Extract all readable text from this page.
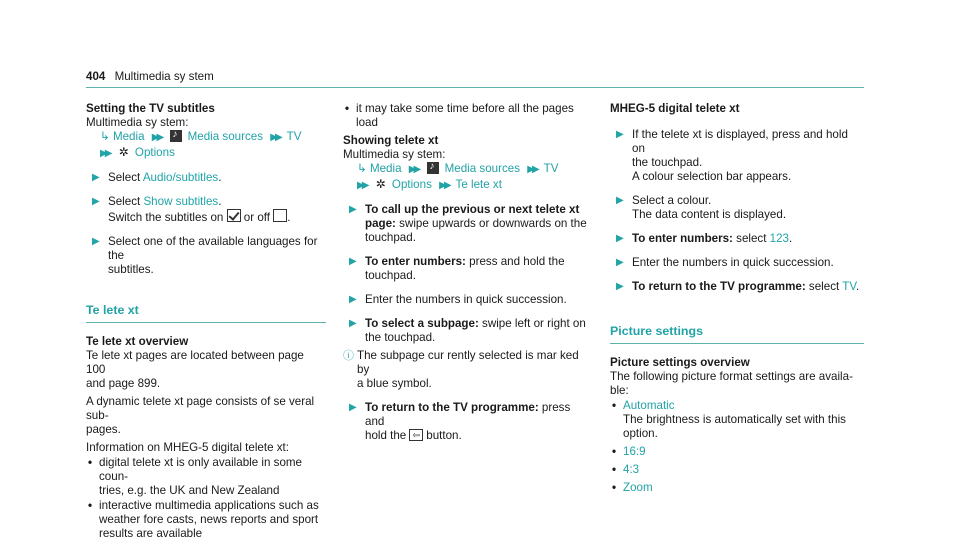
404 Multimedia sy stem

Setting the TV subtitles

Multimedia sy stem:

↳ Media ▶▶ ♪ Media sources ▶▶ TV

▶▶ ✲ Options

▶ Select Audio/subtitles.
▶ Select Show subtitles.
Switch the subtitles on  or off .
▶ Select one of the available languages for the
subtitles.
Te lete xt

Te lete xt overview

Te lete xt pages are located between page 100

and page 899.

A dynamic telete xt page consists of se veral sub‑

pages.

Information on MHEG‑5 digital telete xt:

• digital telete xt is only available in some coun‑
tries, e.g. the UK and New Zealand
• interactive multimedia applications such as
weather fore casts, news reports and sport
results are available
• it may take some time before all the pages
load

Showing telete xt

Multimedia sy stem:

↳ Media ▶▶ ♪ Media sources ▶▶ TV

▶▶ ✲ Options ▶▶ Te lete xt

▶ To call up the previous or next telete xt
page: swipe upwards or downwards on the
touchpad.
▶ To enter numbers: press and hold the
touchpad.
▶ Enter the numbers in quick succession.
▶ To select a subpage: swipe left or right on
the touchpad.
ⓘ The subpage cur rently selected is mar ked by
a blue symbol.
▶ To return to the TV programme: press and
hold the ⇦ button.

MHEG‑5 digital telete xt

▶ If the telete xt is displayed, press and hold on
the touchpad.
A colour selection bar appears.
▶ Select a colour.
The data content is displayed.
▶ To enter numbers: select 123.
▶ Enter the numbers in quick succession.
▶ To return to the TV programme: select TV.
Picture settings

Picture settings overview

The following picture format settings are availa‑

ble:

• Automatic
The brightness is automatically set with this
option.
• 16:9
• 4:3
• Zoom
